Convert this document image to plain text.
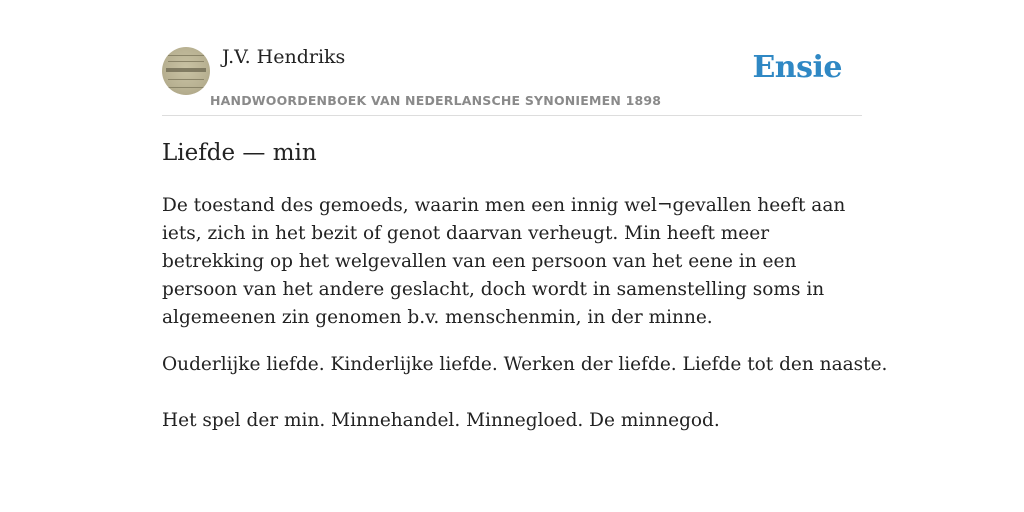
J.V. Hendriks
HANDWOORDENBOEK VAN NEDERLANSCHE SYNONIEMEN 1898
Ensie
Liefde — min
De toestand des gemoeds, waarin men een innig wel¬gevallen heeft aan iets, zich in het bezit of genot daarvan verheugt. Min heeft meer betrekking op het welgevallen van een persoon van het eene in een persoon van het andere geslacht, doch wordt in samenstelling soms in algemeenen zin genomen b.v. menschenmin, in der minne.
Ouderlijke liefde. Kinderlijke liefde. Werken der liefde. Liefde tot den naaste.
Het spel der min. Minnehandel. Minnegloed. De minnegod.
